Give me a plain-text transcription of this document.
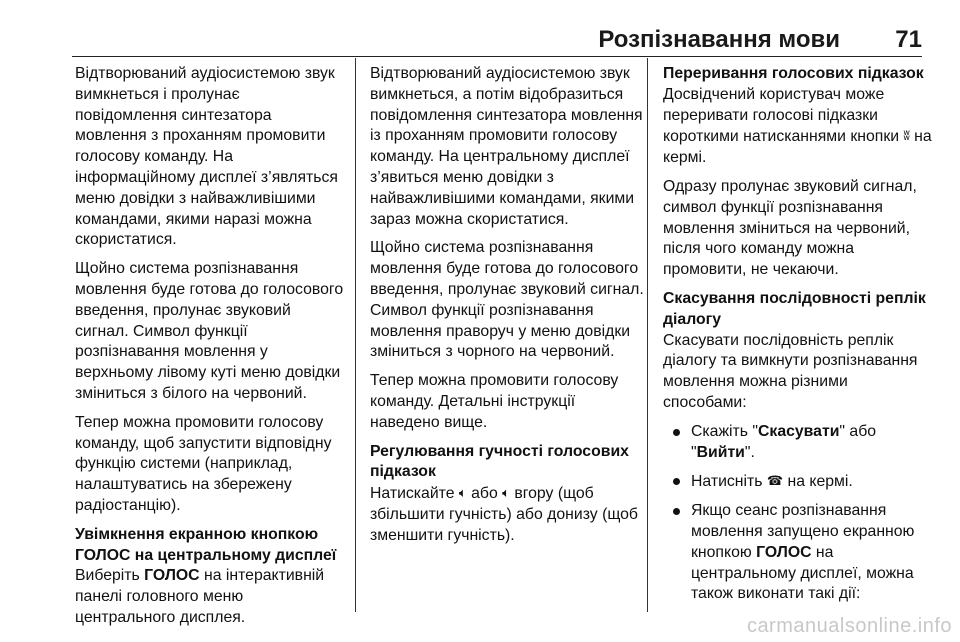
Розпізнавання мови 71

Відтворюваний аудіосистемою звук вимкнеться і пролунає повідомлення синтезатора мовлення з проханням промовити голосову команду. На інформаційному дисплеї з’являться меню довідки з найважливішими командами, якими наразі можна скористатися.

Щойно система розпізнавання мовлення буде готова до голосового введення, пролунає звуковий сигнал. Символ функції розпізнавання мовлення у верхньому лівому куті меню довідки зміниться з білого на червоний.

Тепер можна промовити голосову команду, щоб запустити відповідну функцію системи (наприклад, налаштуватись на збережену радіостанцію).

Увімкнення екранною кнопкою ГОЛОС на центральному дисплеї

Виберіть ГОЛОС на інтерактивній панелі головного меню центрального дисплея.

Відтворюваний аудіосистемою звук вимкнеться, а потім відобразиться повідомлення синтезатора мовлення із проханням промовити голосову команду. На центральному дисплеї з’явиться меню довідки з найважливішими командами, якими зараз можна скористатися.

Щойно система розпізнавання мовлення буде готова до голосового введення, пролунає звуковий сигнал. Символ функції розпізнавання мовлення праворуч у меню довідки зміниться з чорного на червоний.

Тепер можна промовити голосову команду. Детальні інструкції наведено вище.

Регулювання гучності голосових підказок

Натискайте 🔈︎ або 🔈︎ вгору (щоб збільшити гучність) або донизу (щоб зменшити гучність).

Переривання голосових підказок

Досвідчений користувач може переривати голосові підказки короткими натисканнями кнопки ʬ на кермі.

Одразу пролунає звуковий сигнал, символ функції розпізнавання мовлення зміниться на червоний, після чого команду можна промовити, не чекаючи.

Скасування послідовності реплік діалогу

Скасувати послідовність реплік діалогу та вимкнути розпізнавання мовлення можна різними способами:

Скажіть "Скасувати" або "Вийти".
Натисніть ☎︎ на кермі.
Якщо сеанс розпізнавання мовлення запущено екранною кнопкою ГОЛОС на центральному дисплеї, можна також виконати такі дії:
carmanualsonline.info
